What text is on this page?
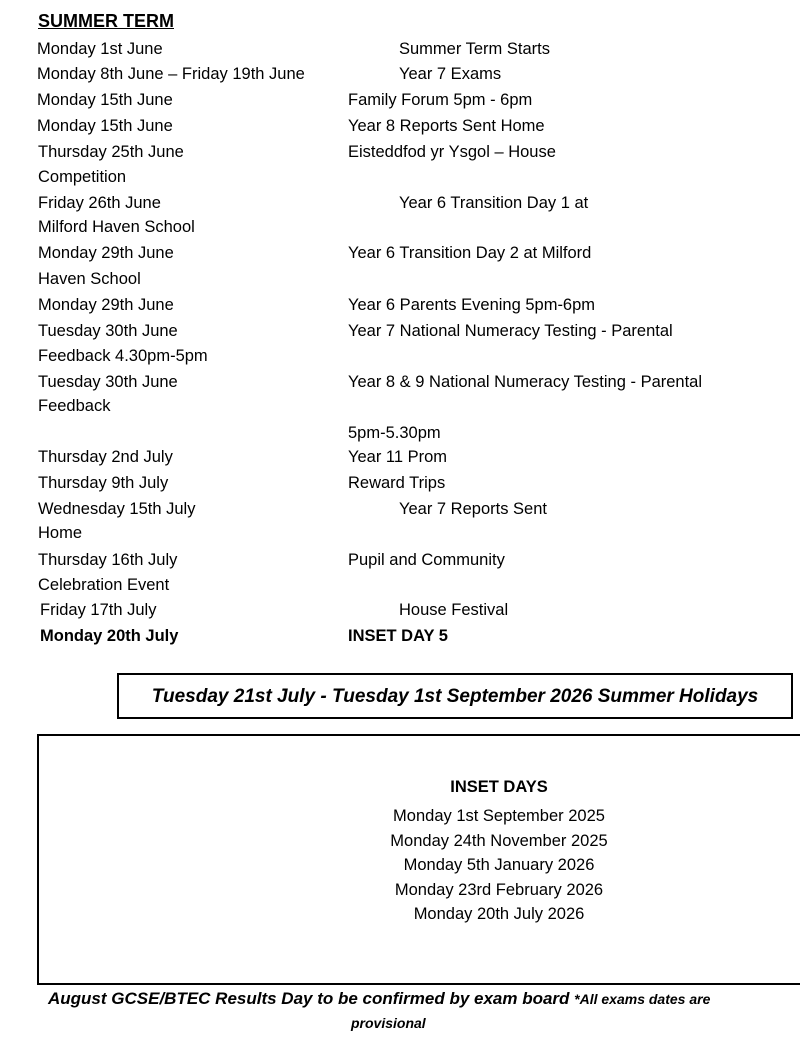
SUMMER TERM
Monday 1st June
Monday 8th June – Friday 19th June
Monday 15th June
Monday 15th June
Thursday 25th June
Competition
Friday 26th June
Milford Haven School
Monday 29th June
Haven School
Monday 29th June
Tuesday 30th June
Feedback 4.30pm-5pm
Tuesday 30th June
Feedback
Thursday 2nd July
Thursday 9th July
Wednesday 15th July
Home
Thursday 16th July
Celebration Event
Friday 17th July
Monday 20th July
Summer Term Starts
Year 7 Exams
Family Forum 5pm - 6pm
Year 8 Reports Sent Home
Eisteddfod yr Ysgol – House
Year 6 Transition Day 1 at
Year 6 Transition Day 2 at Milford
Year 6 Parents Evening 5pm-6pm
Year 7 National Numeracy Testing - Parental
Year 8 & 9 National Numeracy Testing - Parental
5pm-5.30pm
Year 11 Prom
Reward Trips
Year 7 Reports Sent
Pupil and Community
House Festival
INSET DAY 5
Tuesday 21st July - Tuesday 1st September 2026 Summer Holidays
INSET DAYS
Monday 1st September 2025
Monday 24th November 2025
Monday 5th January 2026
Monday 23rd February 2026
Monday 20th July 2026
August GCSE/BTEC Results Day to be confirmed by exam board *All exams dates are
provisional
